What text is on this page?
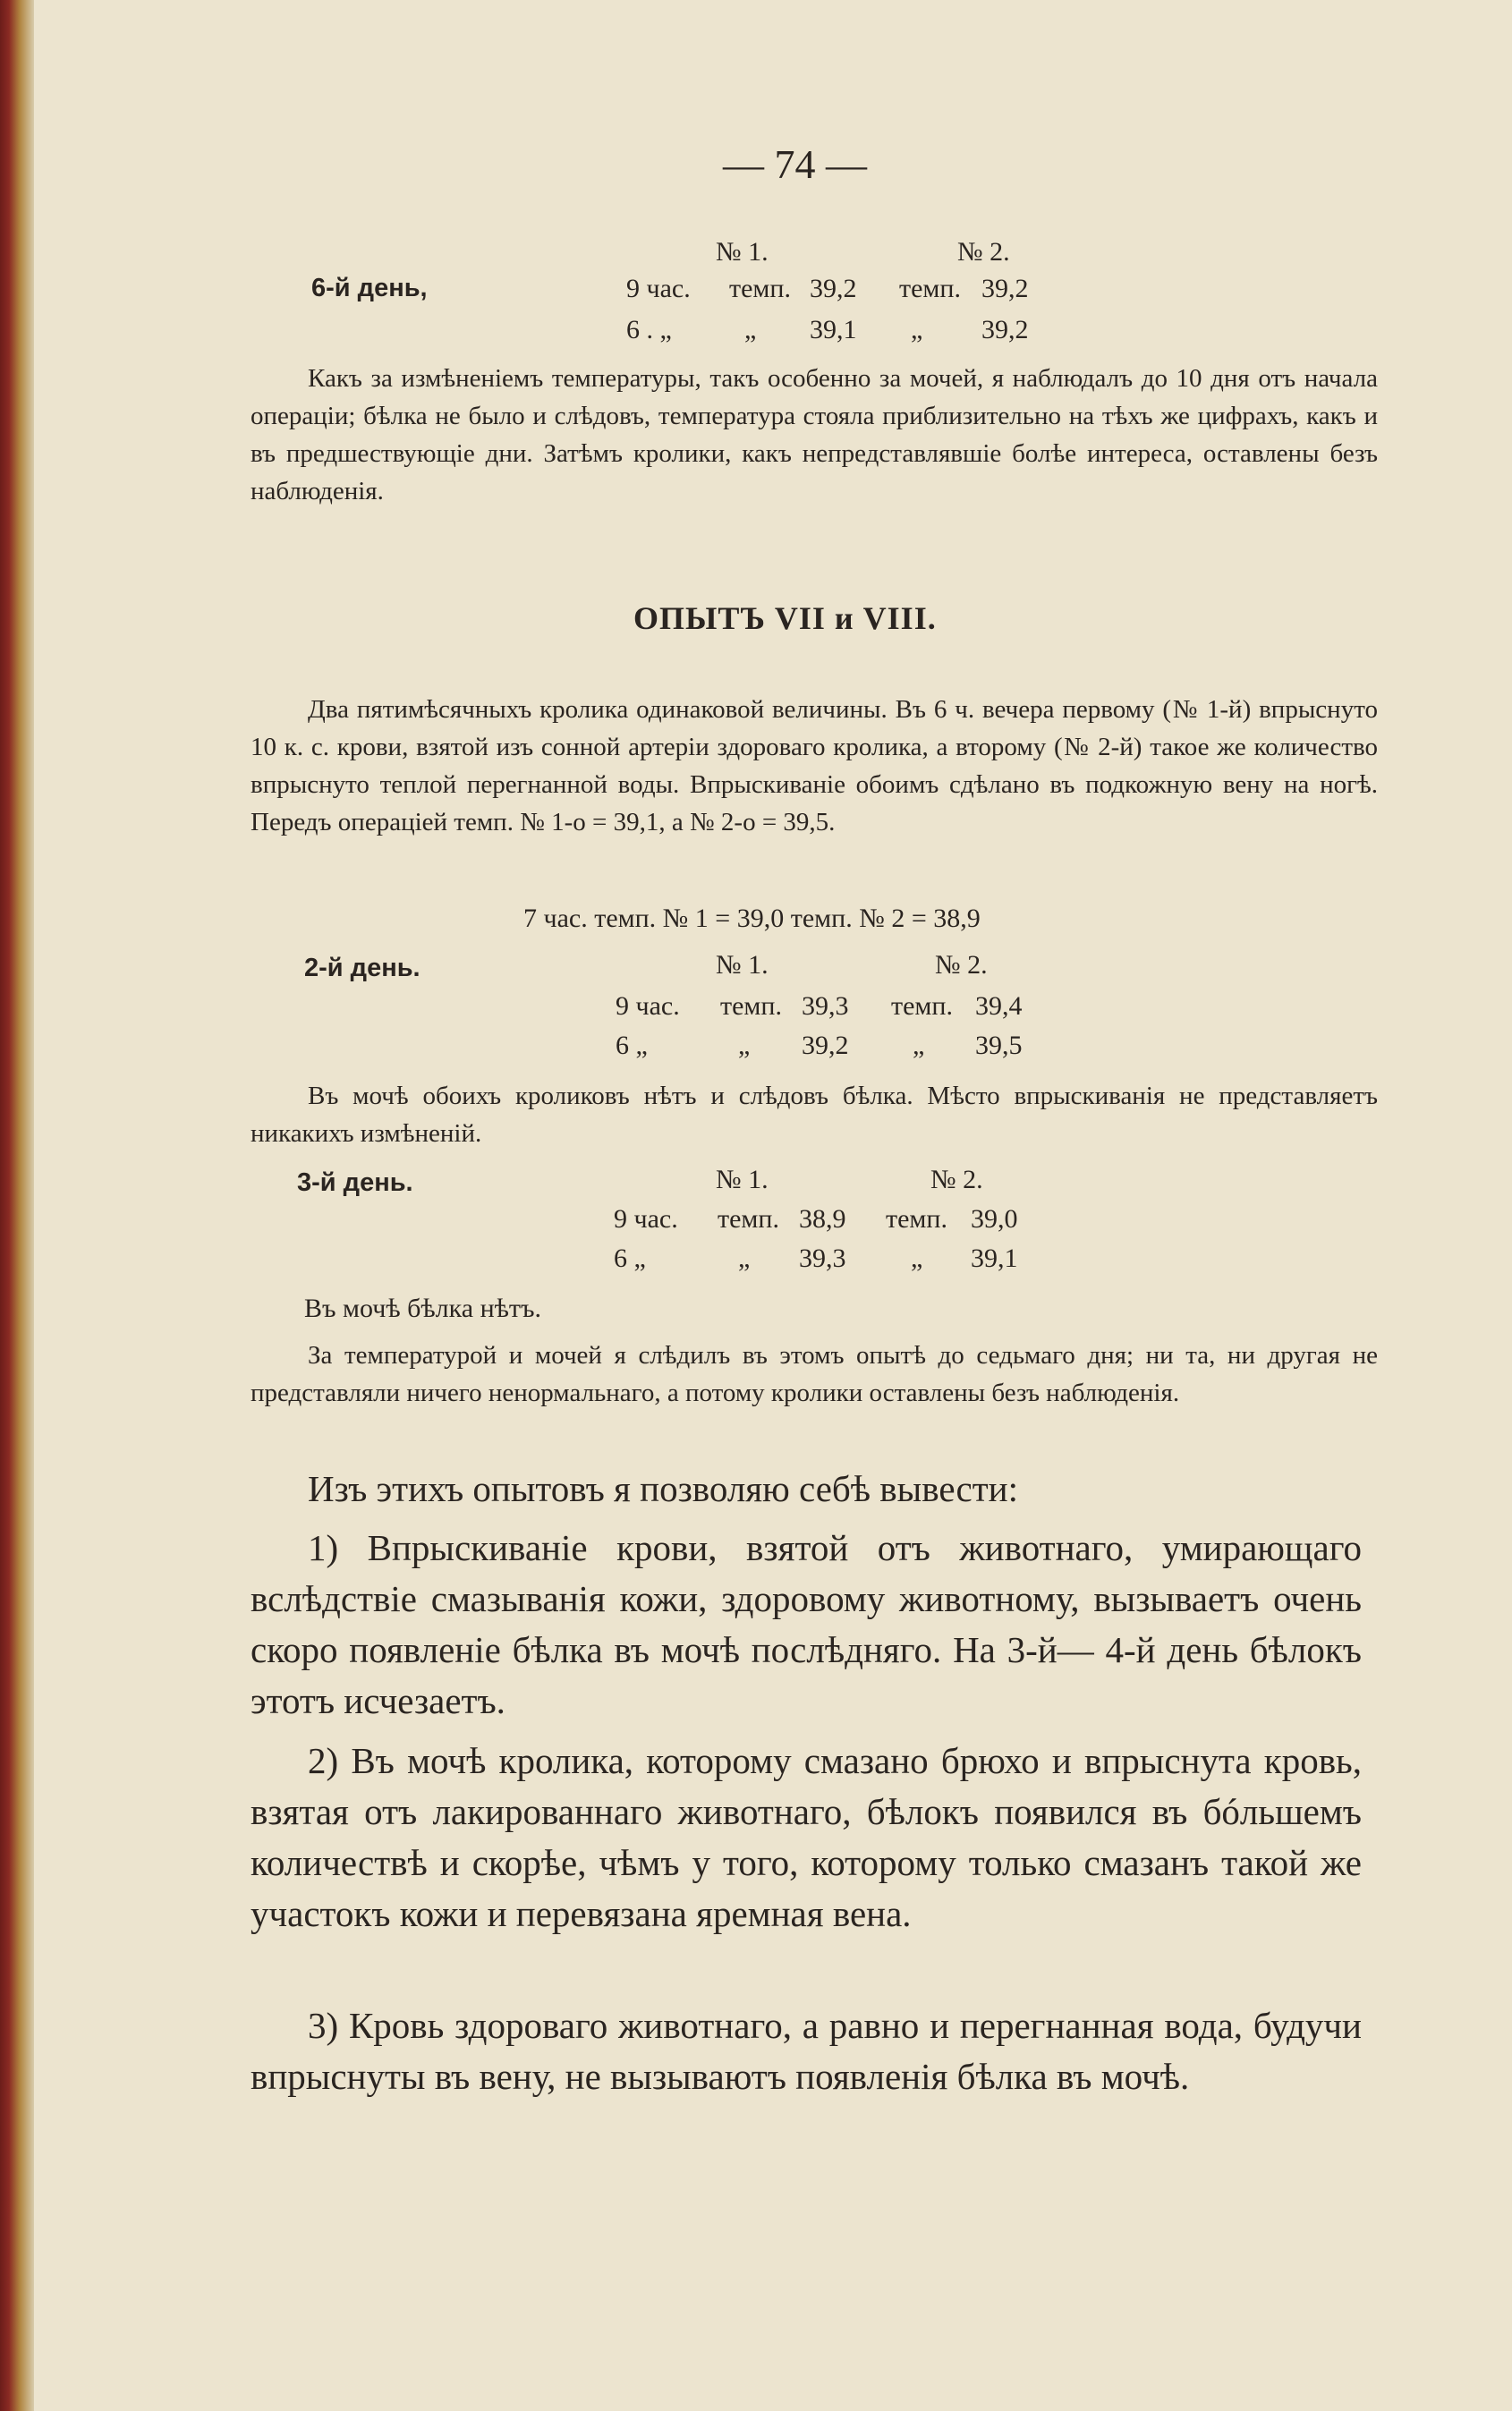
— 74 —
№ 1.	№ 2.
6-й день,	9 час. темп. 39,2 темп. 39,2
6 . „	„ 39,1 „ 39,2

Какъ за измѣненіемъ температуры, такъ особенно за мочей, я наблюдалъ до 10 дня отъ начала операціи; бѣлка не было и слѣдовъ, температура стояла приблизительно на тѣхъ же цифрахъ, какъ и въ предшествующіе дни. Затѣмъ кролики, какъ непредставлявшіе болѣе интереса, оставлены безъ наблюденія.

ОПЫТЪ VII и VIII.

Два пятимѣсячныхъ кролика одинаковой величины. Въ 6 ч. вечера первому (№ 1-й) впрыснуто 10 к. с. крови, взятой изъ сонной артеріи здороваго кролика, а второму (№ 2-й) такое же количество впрыснуто теплой перегнанной воды. Впрыскиваніе обоимъ сдѣлано въ подкожную вену на ногѣ. Передъ операціей темп. № 1-о = 39,1, а № 2-о = 39,5.

7 час. темп. № 1 = 39,0 темп. № 2 = 38,9
2-й день.	№ 1.	№ 2.
9 час. темп. 39,3 темп. 39,4
6 „	„ 39,2 „ 39,5

Въ мочѣ обоихъ кроликовъ нѣтъ и слѣдовъ бѣлка. Мѣсто впрыскиванія не представляетъ никакихъ измѣненій.

3-й день.	№ 1.	№ 2.
9 час. темп. 38,9 темп. 39,0
6 „	„ 39,3 „ 39,1
Въ мочѣ бѣлка нѣтъ.

За температурой и мочей я слѣдилъ въ этомъ опытѣ до седьмаго дня; ни та, ни другая не представляли ничего ненормальнаго, а потому кролики оставлены безъ наблюденія.

Изъ этихъ опытовъ я позволяю себѣ вывести:

1) Впрыскиваніе крови, взятой отъ животнаго, умирающаго вслѣдствіе смазыванія кожи, здоровому животному, вызываетъ очень скоро появленіе бѣлка въ мочѣ послѣдняго. На 3-й— 4-й день бѣлокъ этотъ исчезаетъ.

2) Въ мочѣ кролика, которому смазано брюхо и впрыснута кровь, взятая отъ лакированнаго животнаго, бѣлокъ появился въ бóльшемъ количествѣ и скорѣе, чѣмъ у того, которому только смазанъ такой же участокъ кожи и перевязана яремная вена.

3) Кровь здороваго животнаго, а равно и перегнанная вода, будучи впрыснуты въ вену, не вызываютъ появленія бѣлка въ мочѣ.
